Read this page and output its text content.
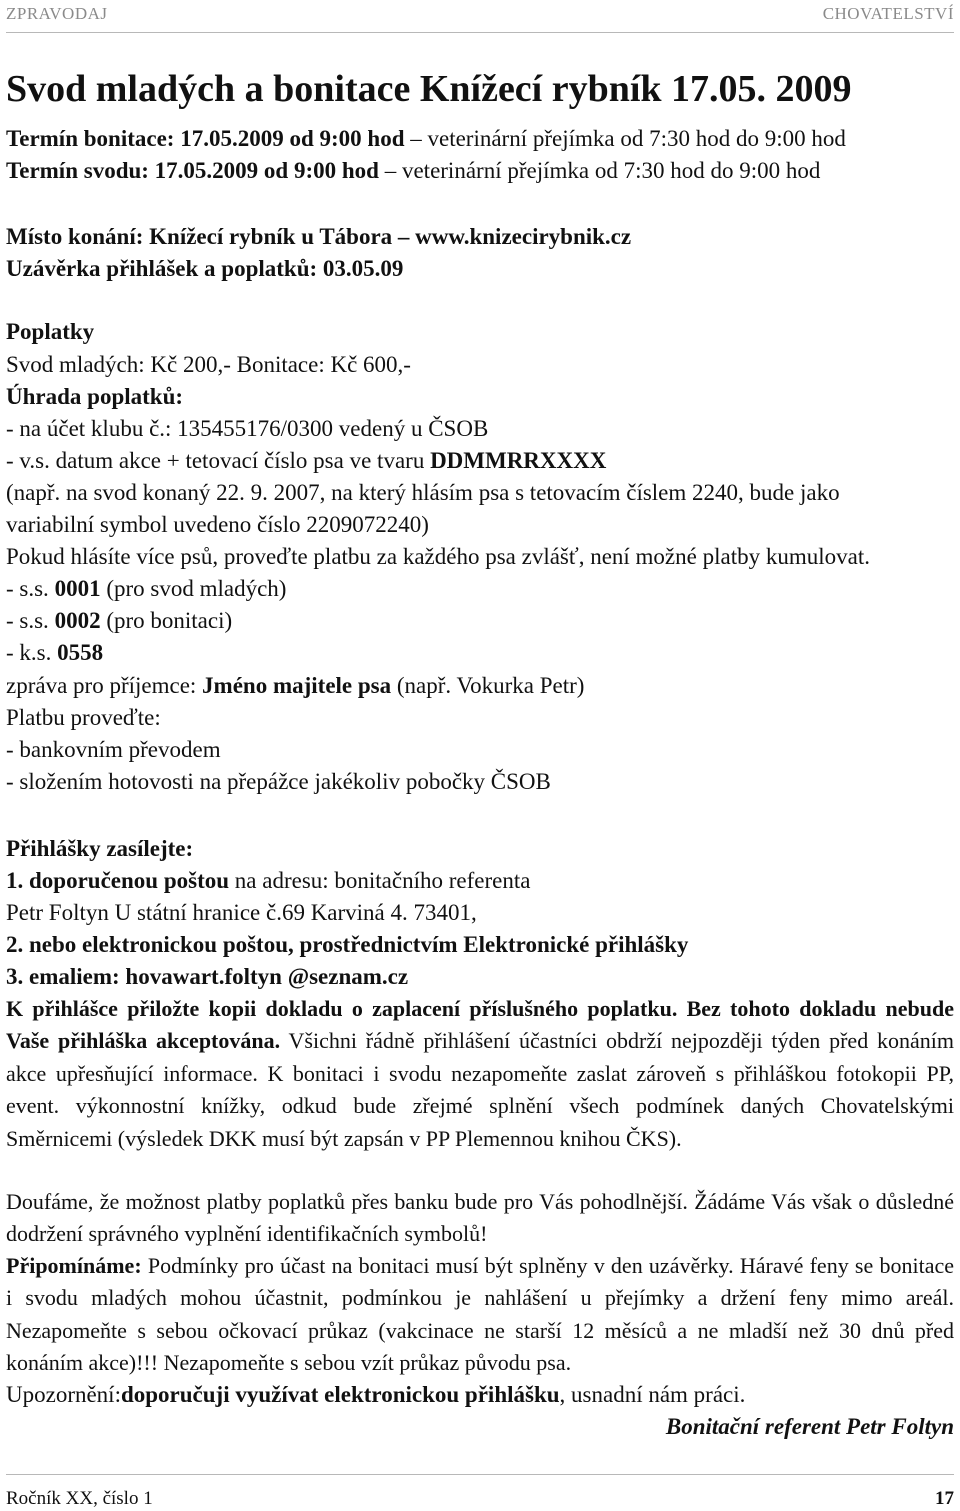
ZPRAVODAJ	CHOVATELSTVÍ
Svod mladých a bonitace Knížecí rybník 17.05. 2009
Termín bonitace: 17.05.2009 od 9:00 hod – veterinární přejímka od 7:30 hod do 9:00 hod
Termín svodu: 17.05.2009 od 9:00 hod – veterinární přejímka od 7:30 hod do 9:00 hod
Místo konání: Knížecí rybník u Tábora – www.knizecirybnik.cz
Uzávěrka přihlášek a poplatků: 03.05.09
Poplatky
Svod mladých: Kč 200,- Bonitace: Kč 600,-
Úhrada poplatků:
- na účet klubu č.: 135455176/0300 vedený u ČSOB
- v.s. datum akce + tetovací číslo psa ve tvaru DDMMRRXXXX
(např. na svod konaný 22. 9. 2007, na který hlásím psa s tetovacím číslem 2240, bude jako
variabilní symbol uvedeno číslo 2209072240)
Pokud hlásíte více psů, proveďte platbu za každého psa zvlášť, není možné platby kumulovat.
- s.s. 0001 (pro svod mladých)
- s.s. 0002 (pro bonitaci)
- k.s. 0558
zpráva pro příjemce: Jméno majitele psa (např. Vokurka Petr)
Platbu proveďte:
- bankovním převodem
- složením hotovosti na přepážce jakékoliv pobočky ČSOB
Přihlášky zasílejte:
1. doporučenou poštou na adresu: bonitačního referenta
Petr Foltyn U státní hranice č.69 Karviná 4. 73401,
2. nebo elektronickou poštou, prostřednictvím Elektronické přihlášky
3. emaliem: hovawart.foltyn @seznam.cz
K přihlášce přiložte kopii dokladu o zaplacení příslušného poplatku. Bez tohoto dokladu nebude Vaše přihláška akceptována. Všichni řádně přihlášení účastníci obdrží nejpozději týden před konáním akce upřesňující informace. K bonitaci i svodu nezapomeňte zaslat zároveň s přihláškou fotokopii PP, event. výkonnostní knížky, odkud bude zřejmé splnění všech podmínek daných Chovatelskými Směrnicemi (výsledek DKK musí být zapsán v PP Plemennou knihou ČKS).
Doufáme, že možnost platby poplatků přes banku bude pro Vás pohodlnější. Žádáme Vás však o důsledné dodržení správného vyplnění identifikačních symbolů!
Připomínáme: Podmínky pro účast na bonitaci musí být splněny v den uzávěrky. Háravé feny se bonitace i svodu mladých mohou účastnit, podmínkou je nahlášení u přejímky a držení feny mimo areál. Nezapomeňte s sebou očkovací průkaz (vakcinace ne starší 12 měsíců a ne mladší než 30 dnů před konáním akce)!!! Nezapomeňte s sebou vzít průkaz původu psa.
Upozornění:doporučuji využívat elektronickou přihlášku, usnadní nám práci.
Bonitační referent Petr Foltyn
Ročník XX, číslo 1	17
